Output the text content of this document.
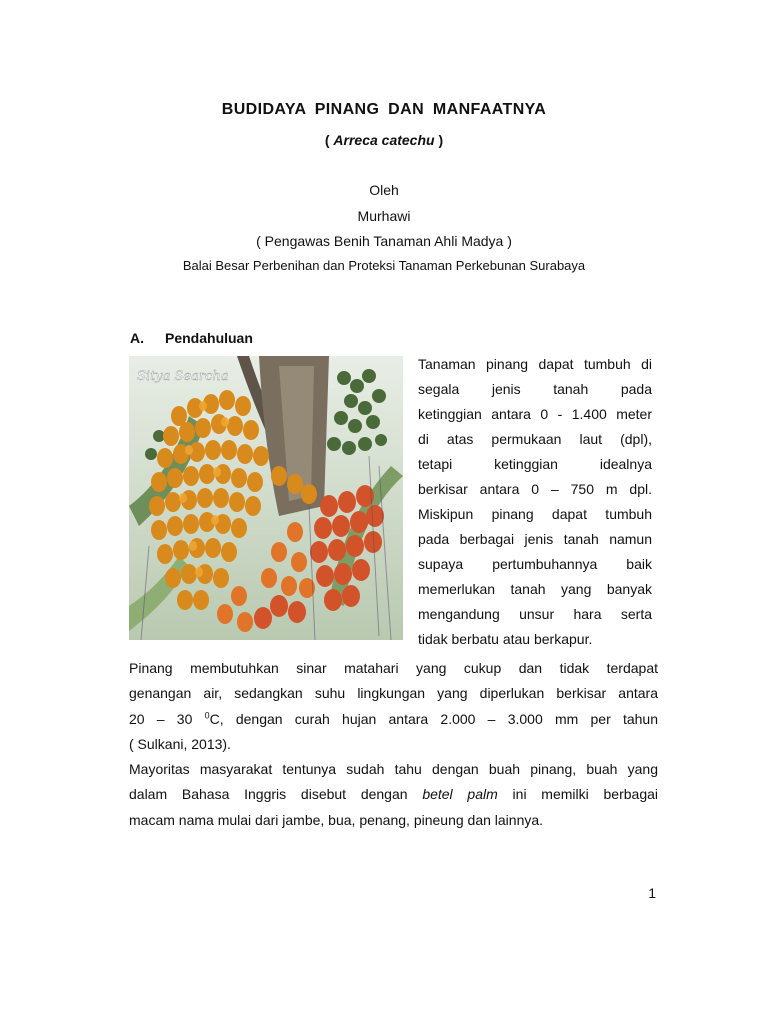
BUDIDAYA PINANG DAN MANFAATNYA
( Arreca catechu )
Oleh
Murhawi
( Pengawas Benih Tanaman Ahli Madya )
Balai Besar Perbenihan dan Proteksi Tanaman Perkebunan Surabaya
A. Pendahuluan
Sitya Searcha
Tanaman pinang dapat tumbuh di
segala jenis tanah pada
ketinggian antara 0 - 1.400 meter
di atas permukaan laut (dpl),
tetapi ketinggian idealnya
berkisar antara 0 – 750 m dpl.
Miskipun pinang dapat tumbuh
pada berbagai jenis tanah namun
supaya pertumbuhannya baik
memerlukan tanah yang banyak
mengandung unsur hara serta
tidak berbatu atau berkapur.
Pinang membutuhkan sinar matahari yang cukup dan tidak terdapat
genangan air, sedangkan suhu lingkungan yang diperlukan berkisar antara
20 – 30 $^0$C, dengan curah hujan antara 2.000 – 3.000 mm per tahun
( Sulkani, 2013).
Mayoritas masyarakat tentunya sudah tahu dengan buah pinang, buah yang
dalam Bahasa Inggris disebut dengan betel palm ini memilki berbagai
macam nama mulai dari jambe, bua, penang, pineung dan lainnya.
1
